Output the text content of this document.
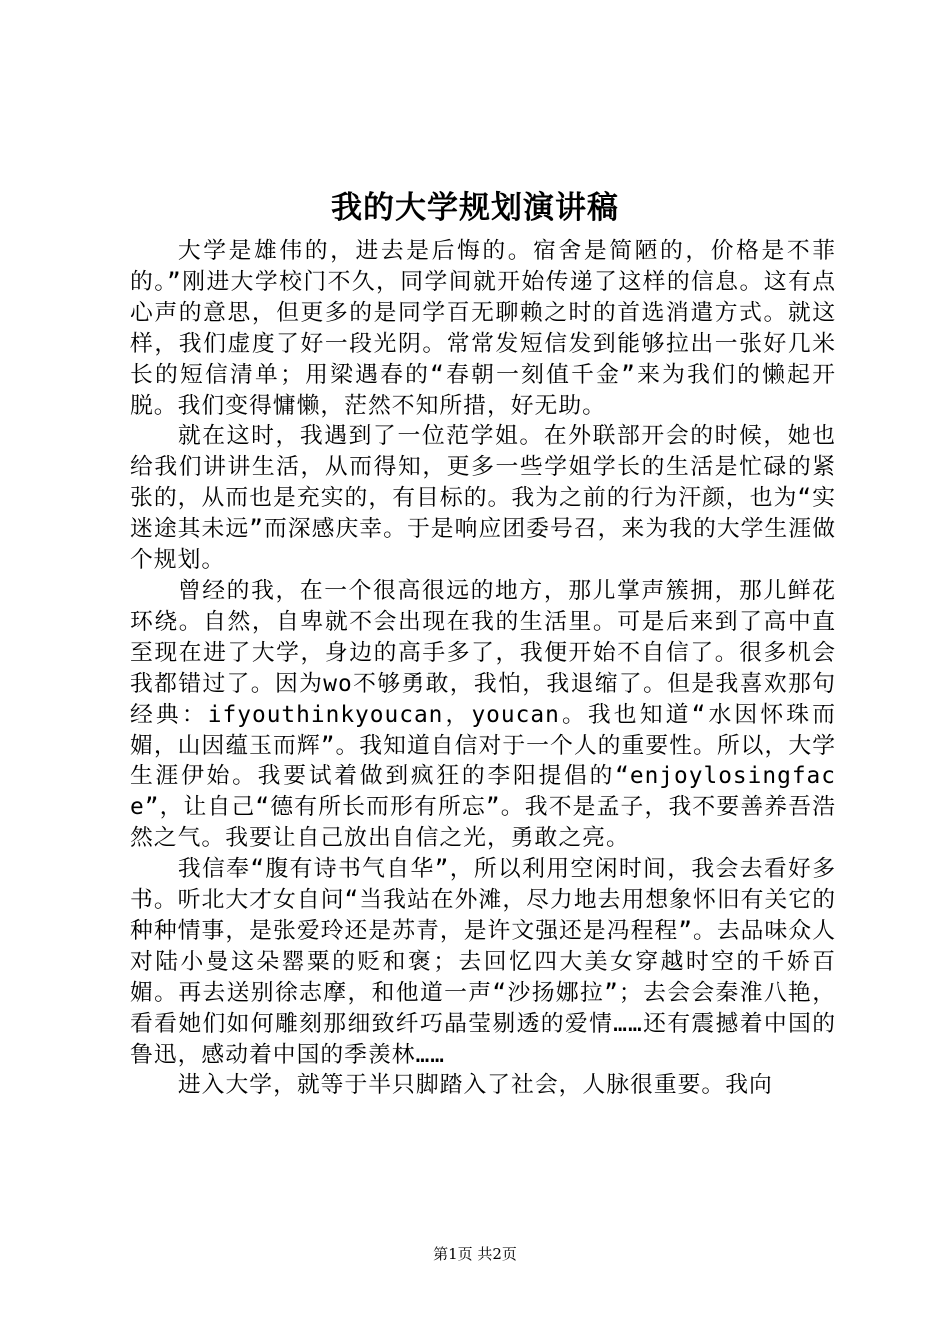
我的大学规划演讲稿

大学是雄伟的，进去是后悔的。宿舍是简陋的，价格是不菲的。”刚进大学校门不久，同学间就开始传递了这样的信息。这有点心声的意思，但更多的是同学百无聊赖之时的首选消遣方式。就这样，我们虚度了好一段光阴。常常发短信发到能够拉出一张好几米长的短信清单；用梁遇春的“春朝一刻值千金”来为我们的懒起开脱。我们变得慵懒，茫然不知所措，好无助。

就在这时，我遇到了一位范学姐。在外联部开会的时候，她也给我们讲讲生活，从而得知，更多一些学姐学长的生活是忙碌的紧张的，从而也是充实的，有目标的。我为之前的行为汗颜，也为“实迷途其未远”而深感庆幸。于是响应团委号召，来为我的大学生涯做个规划。

曾经的我，在一个很高很远的地方，那儿掌声簇拥，那儿鲜花环绕。自然，自卑就不会出现在我的生活里。可是后来到了高中直至现在进了大学，身边的高手多了，我便开始不自信了。很多机会我都错过了。因为wo不够勇敢，我怕，我退缩了。但是我喜欢那句经典：ifyouthinkyoucan，youcan。我也知道“水因怀珠而媚，山因蕴玉而辉”。我知道自信对于一个人的重要性。所以，大学生涯伊始。我要试着做到疯狂的李阳提倡的“enjoylosingface”，让自己“德有所长而形有所忘”。我不是孟子，我不要善养吾浩然之气。我要让自己放出自信之光，勇敢之亮。

我信奉“腹有诗书气自华”，所以利用空闲时间，我会去看好多书。听北大才女自问“当我站在外滩，尽力地去用想象怀旧有关它的种种情事，是张爱玲还是苏青，是许文强还是冯程程”。去品味众人对陆小曼这朵罂粟的贬和褒；去回忆四大美女穿越时空的千娇百媚。再去送别徐志摩，和他道一声“沙扬娜拉”；去会会秦淮八艳，看看她们如何雕刻那细致纤巧晶莹剔透的爱情……还有震撼着中国的鲁迅，感动着中国的季羡林……

进入大学，就等于半只脚踏入了社会，人脉很重要。我向

第1页 共2页
